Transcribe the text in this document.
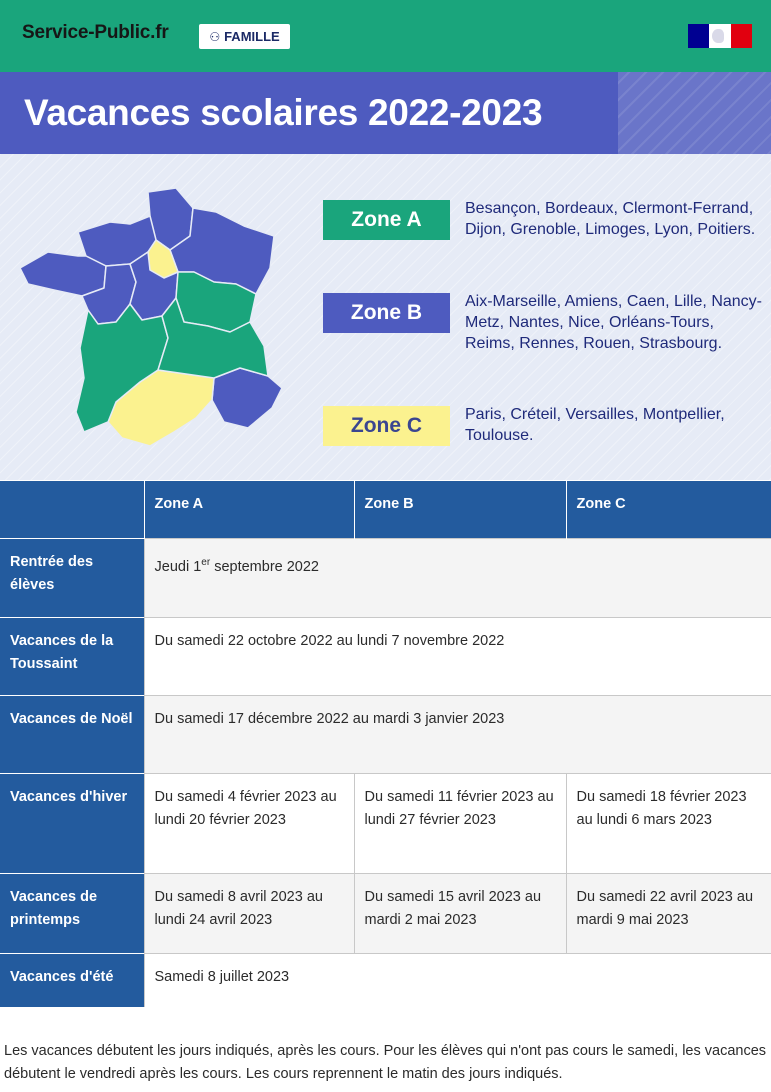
Service-Public.fr	⚇ FAMILLE
Vacances scolaires 2022-2023
Zone A	Besançon, Bordeaux, Clermont-Ferrand, Dijon, Grenoble, Limoges, Lyon, Poitiers.
Zone B	Aix-Marseille, Amiens, Caen, Lille, Nancy-Metz, Nantes, Nice, Orléans-Tours, Reims, Rennes, Rouen, Strasbourg.
Zone C	Paris, Créteil, Versailles, Montpellier, Toulouse.
	Zone A	Zone B	Zone C
Rentrée des élèves	Jeudi 1er septembre 2022		
Vacances de la Toussaint	Du samedi 22 octobre 2022 au lundi 7 novembre 2022		
Vacances de Noël	Du samedi 17 décembre 2022 au mardi 3 janvier 2023		
Vacances d'hiver	Du samedi 4 février 2023 au lundi 20 février 2023	Du samedi 11 février 2023 au lundi 27 février 2023	Du samedi 18 février 2023 au lundi 6 mars 2023
Vacances de printemps	Du samedi 8 avril 2023 au lundi 24 avril 2023	Du samedi 15 avril 2023 au mardi 2 mai 2023	Du samedi 22 avril 2023 au mardi 9 mai 2023
Vacances d'été	Samedi 8 juillet 2023		

Les vacances débutent les jours indiqués, après les cours. Pour les élèves qui n'ont pas cours le samedi, les vacances débutent le vendredi après les cours. Les cours reprennent le matin des jours indiqués.
